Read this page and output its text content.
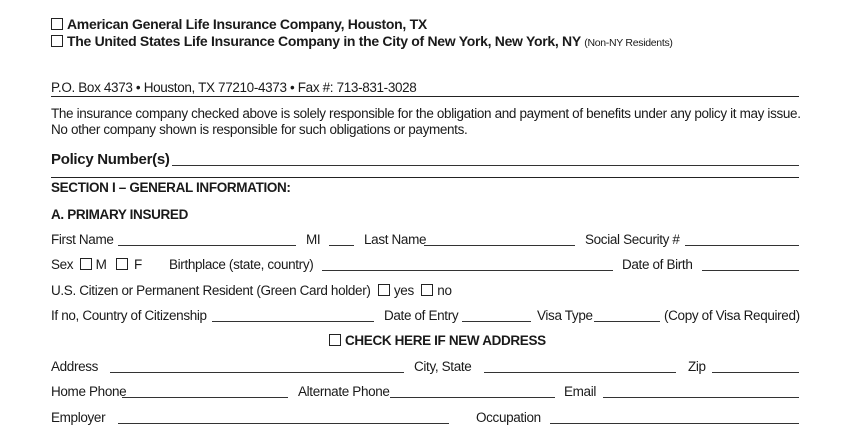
American General Life Insurance Company, Houston, TX
The United States Life Insurance Company in the City of New York, New York, NY (Non-NY Residents)
P.O. Box 4373 • Houston, TX 77210-4373 • Fax #: 713-831-3028
The insurance company checked above is solely responsible for the obligation and payment of benefits under any policy it may issue.
No other company shown is responsible for such obligations or payments.
Policy Number(s)
SECTION I – GENERAL INFORMATION:
A. PRIMARY INSURED
First Name	MI	Last Name	Social Security #
Sex M F Birthplace (state, country)	Date of Birth
U.S. Citizen or Permanent Resident (Green Card holder) yes no
If no, Country of Citizenship	Date of Entry	Visa Type	(Copy of Visa Required)
CHECK HERE IF NEW ADDRESS
Address	City, State	Zip
Home Phone	Alternate Phone	Email
Employer	Occupation
